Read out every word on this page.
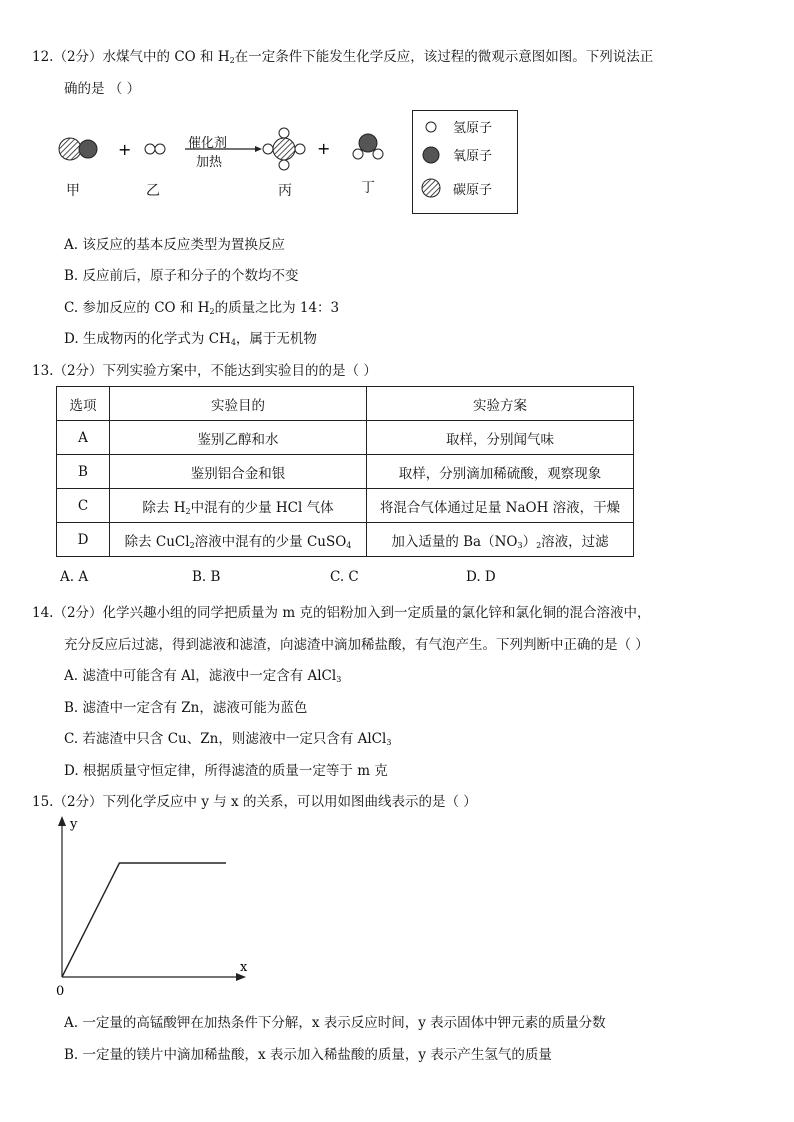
12.（2分）水煤气中的 CO 和 $H_2$在一定条件下能发生化学反应，该过程的微观示意图如图。下列说法正
确的是 （ ）
+	+
催化剂
加热
甲	乙	丙	丁
氢原子
氧原子
碳原子
A. 该反应的基本反应类型为置换反应
B. 反应前后，原子和分子的个数均不变
C. 参加反应的 CO 和 $H_2$的质量之比为 14：3
D. 生成物丙的化学式为 $CH_4$，属于无机物
13.（2分）下列实验方案中，不能达到实验目的的是（ ）
选项	实验目的	实验方案
A	鉴别乙醇和水	取样，分别闻气味
B	鉴别铝合金和银	取样，分别滴加稀硫酸，观察现象
C	除去 $H_2$中混有的少量 HCl 气体	将混合气体通过足量 NaOH 溶液，干燥
D	除去 CuCl$_2$溶液中混有的少量 CuSO$_4$	加入适量的 $Ba(NO_3)_2$溶液，过滤
A. A	B. B	C. C	D. D
14.（2分）化学兴趣小组的同学把质量为 m 克的铝粉加入到一定质量的氯化锌和氯化铜的混合溶液中，
充分反应后过滤，得到滤液和滤渣，向滤渣中滴加稀盐酸，有气泡产生。下列判断中正确的是（ ）
A. 滤渣中可能含有 Al，滤液中一定含有 AlCl$_3$
B. 滤渣中一定含有 Zn，滤液可能为蓝色
C. 若滤渣中只含 Cu、Zn，则滤液中一定只含有 AlCl$_3$
D. 根据质量守恒定律，所得滤渣的质量一定等于 m 克
15.（2分）下列化学反应中 y 与 x 的关系，可以用如图曲线表示的是（ ）
y
x
0
A. 一定量的高锰酸钾在加热条件下分解，x 表示反应时间，y 表示固体中钾元素的质量分数
B. 一定量的镁片中滴加稀盐酸，x 表示加入稀盐酸的质量，y 表示产生氢气的质量
